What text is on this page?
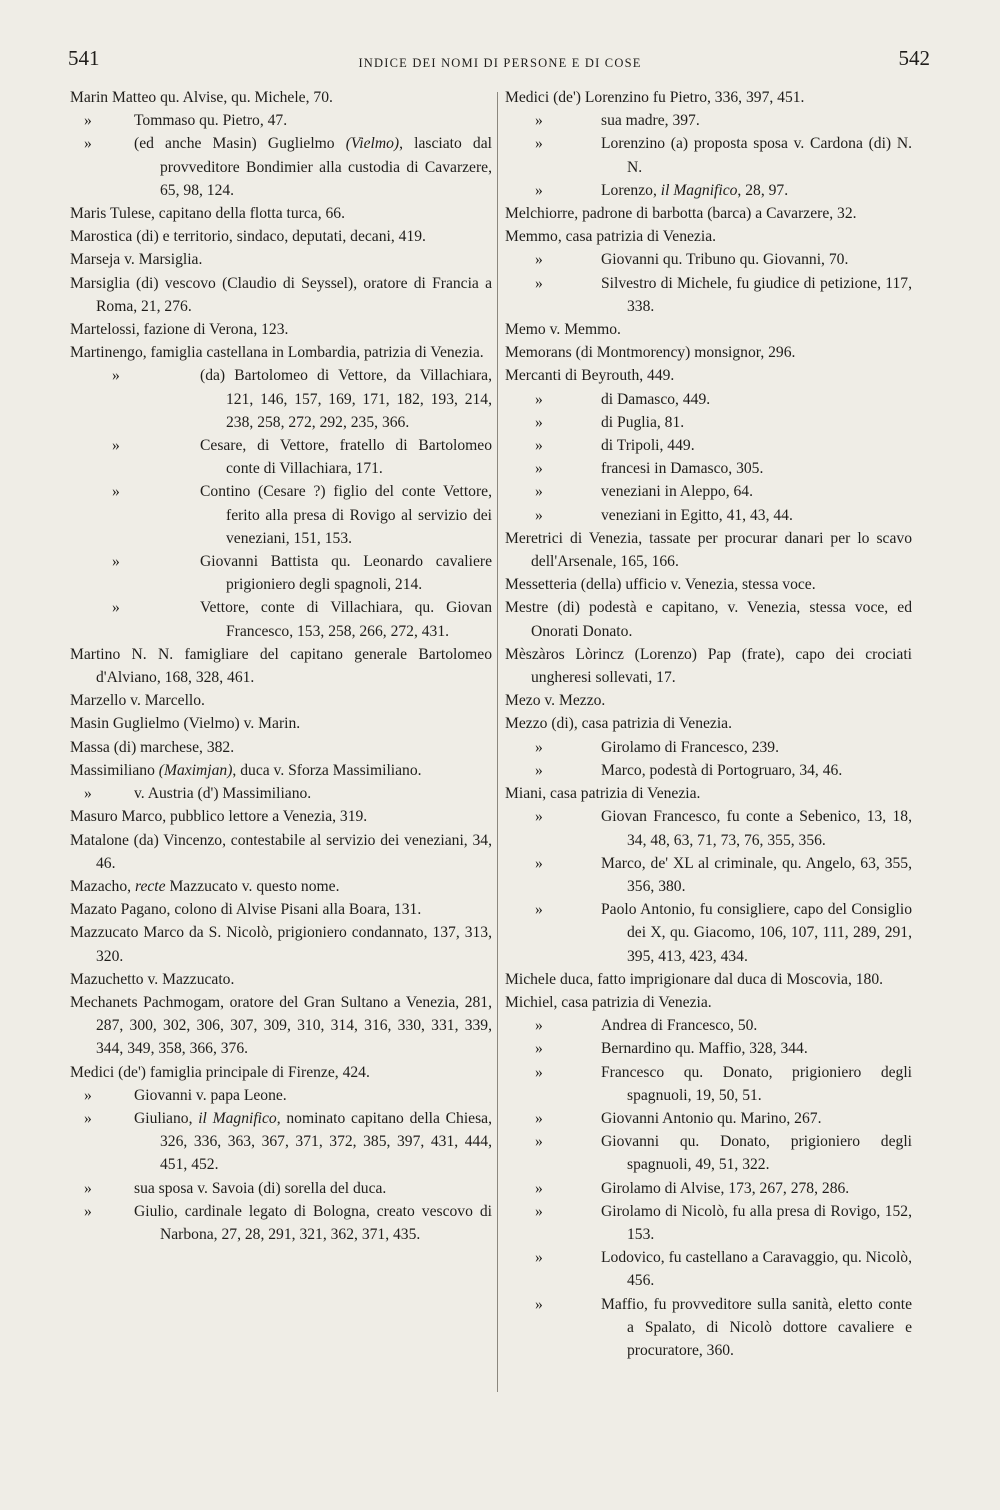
541	INDICE DEI NOMI DI PERSONE E DI COSE	542

Marin Matteo qu. Alvise, qu. Michele, 70.

»	Tommaso qu. Pietro, 47.
»	(ed anche Masin) Guglielmo (Vielmo), lasciato dal provveditore Bondimier alla custodia di Cavarzere, 65, 98, 124.

Maris Tulese, capitano della flotta turca, 66.

Marostica (di) e territorio, sindaco, deputati, decani, 419.

Marseja v. Marsiglia.

Marsiglia (di) vescovo (Claudio di Seyssel), oratore di Francia a Roma, 21, 276.

Martelossi, fazione di Verona, 123.

Martinengo, famiglia castellana in Lombardia, patrizia di Venezia.

»	(da) Bartolomeo di Vettore, da Villachiara, 121, 146, 157, 169, 171, 182, 193, 214, 238, 258, 272, 292, 235, 366.
»	Cesare, di Vettore, fratello di Bartolomeo conte di Villachiara, 171.
»	Contino (Cesare ?) figlio del conte Vettore, ferito alla presa di Rovigo al servizio dei veneziani, 151, 153.
»	Giovanni Battista qu. Leonardo cavaliere prigioniero degli spagnoli, 214.
»	Vettore, conte di Villachiara, qu. Giovan Francesco, 153, 258, 266, 272, 431.

Martino N. N. famigliare del capitano generale Bartolomeo d'Alviano, 168, 328, 461.

Marzello v. Marcello.

Masin Guglielmo (Vielmo) v. Marin.

Massa (di) marchese, 382.

Massimiliano (Maximjan), duca v. Sforza Massimiliano.

»	v. Austria (d') Massimiliano.

Masuro Marco, pubblico lettore a Venezia, 319.

Matalone (da) Vincenzo, contestabile al servizio dei veneziani, 34, 46.

Mazacho, recte Mazzucato v. questo nome.

Mazato Pagano, colono di Alvise Pisani alla Boara, 131.

Mazzucato Marco da S. Nicolò, prigioniero condannato, 137, 313, 320.

Mazuchetto v. Mazzucato.

Mechanets Pachmogam, oratore del Gran Sultano a Venezia, 281, 287, 300, 302, 306, 307, 309, 310, 314, 316, 330, 331, 339, 344, 349, 358, 366, 376.

Medici (de') famiglia principale di Firenze, 424.

»	Giovanni v. papa Leone.
»	Giuliano, il Magnifico, nominato capitano della Chiesa, 326, 336, 363, 367, 371, 372, 385, 397, 431, 444, 451, 452.
»	sua sposa v. Savoia (di) sorella del duca.
»	Giulio, cardinale legato di Bologna, creato vescovo di Narbona, 27, 28, 291, 321, 362, 371, 435.

Medici (de') Lorenzino fu Pietro, 336, 397, 451.

»	sua madre, 397.
»	Lorenzino (a) proposta sposa v. Cardona (di) N. N.
»	Lorenzo, il Magnifico, 28, 97.

Melchiorre, padrone di barbotta (barca) a Cavarzere, 32.

Memmo, casa patrizia di Venezia.

»	Giovanni qu. Tribuno qu. Giovanni, 70.
»	Silvestro di Michele, fu giudice di petizione, 117, 338.

Memo v. Memmo.

Memorans (di Montmorency) monsignor, 296.

Mercanti di Beyrouth, 449.

»	di Damasco, 449.
»	di Puglia, 81.
»	di Tripoli, 449.
»	francesi in Damasco, 305.
»	veneziani in Aleppo, 64.
»	veneziani in Egitto, 41, 43, 44.

Meretrici di Venezia, tassate per procurar danari per lo scavo dell'Arsenale, 165, 166.

Messetteria (della) ufficio v. Venezia, stessa voce.

Mestre (di) podestà e capitano, v. Venezia, stessa voce, ed Onorati Donato.

Mèszàros Lòrincz (Lorenzo) Pap (frate), capo dei crociati ungheresi sollevati, 17.

Mezo v. Mezzo.

Mezzo (di), casa patrizia di Venezia.

»	Girolamo di Francesco, 239.
»	Marco, podestà di Portogruaro, 34, 46.

Miani, casa patrizia di Venezia.

»	Giovan Francesco, fu conte a Sebenico, 13, 18, 34, 48, 63, 71, 73, 76, 355, 356.
»	Marco, de' XL al criminale, qu. Angelo, 63, 355, 356, 380.
»	Paolo Antonio, fu consigliere, capo del Consiglio dei X, qu. Giacomo, 106, 107, 111, 289, 291, 395, 413, 423, 434.

Michele duca, fatto imprigionare dal duca di Moscovia, 180.

Michiel, casa patrizia di Venezia.

»	Andrea di Francesco, 50.
»	Bernardino qu. Maffio, 328, 344.
»	Francesco qu. Donato, prigioniero degli spagnuoli, 19, 50, 51.
»	Giovanni Antonio qu. Marino, 267.
»	Giovanni qu. Donato, prigioniero degli spagnuoli, 49, 51, 322.
»	Girolamo di Alvise, 173, 267, 278, 286.
»	Girolamo di Nicolò, fu alla presa di Rovigo, 152, 153.
»	Lodovico, fu castellano a Caravaggio, qu. Nicolò, 456.
»	Maffio, fu provveditore sulla sanità, eletto conte a Spalato, di Nicolò dottore cavaliere e procuratore, 360.
